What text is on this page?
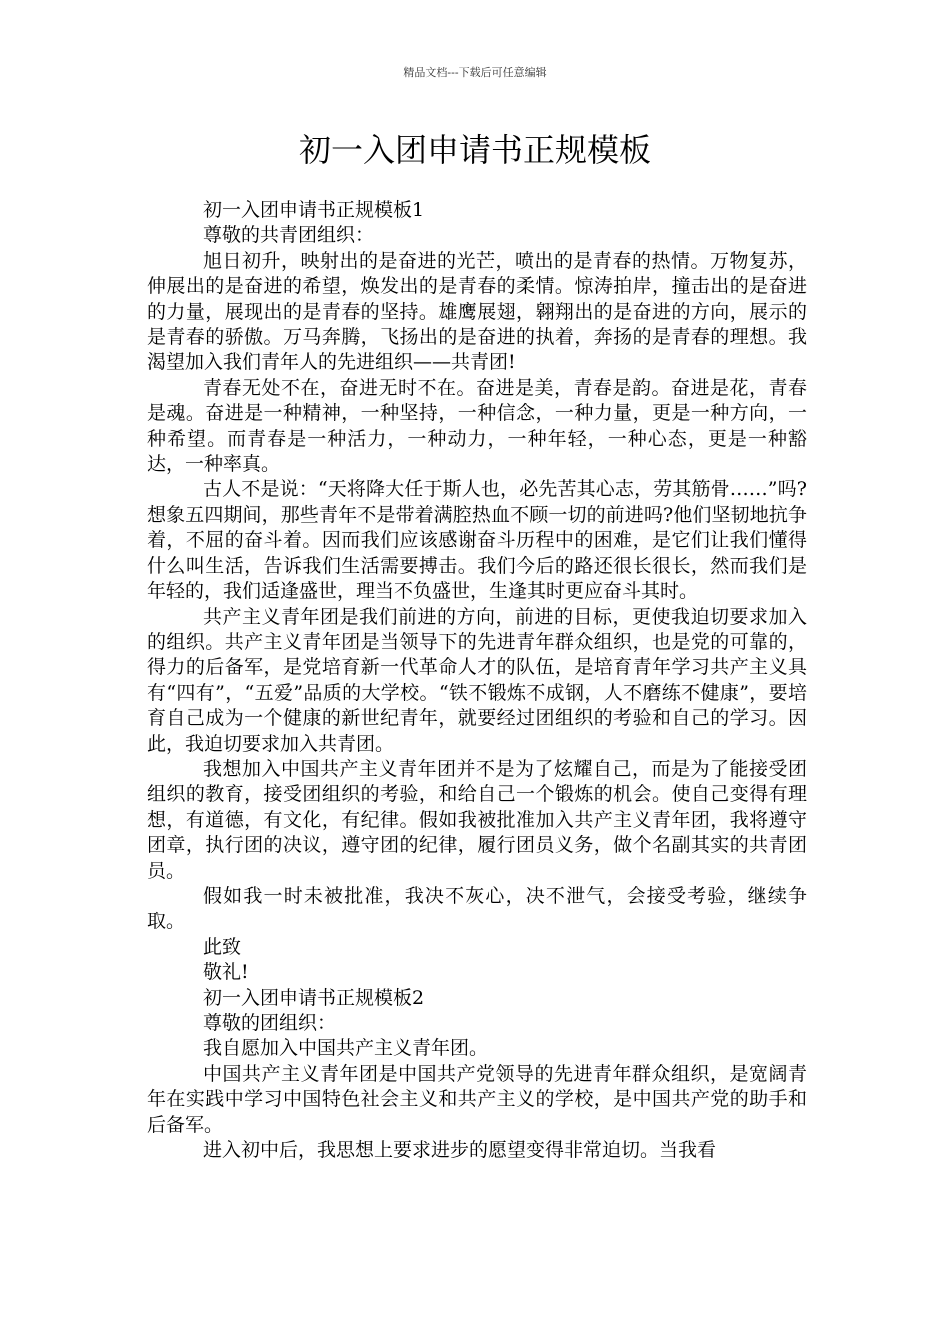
精品文档---下载后可任意编辑
初一入团申请书正规模板

初一入团申请书正规模板1

尊敬的共青团组织：

旭日初升，映射出的是奋进的光芒，喷出的是青春的热情。万物复苏，伸展出的是奋进的希望，焕发出的是青春的柔情。惊涛拍岸，撞击出的是奋进的力量，展现出的是青春的坚持。雄鹰展翅，翱翔出的是奋进的方向，展示的是青春的骄傲。万马奔腾，飞扬出的是奋进的执着，奔扬的是青春的理想。我渴望加入我们青年人的先进组织——共青团!

青春无处不在，奋进无时不在。奋进是美，青春是韵。奋进是花，青春是魂。奋进是一种精神，一种坚持，一种信念，一种力量，更是一种方向，一种希望。而青春是一种活力，一种动力，一种年轻，一种心态，更是一种豁达，一种率真。

古人不是说：“天将降大任于斯人也，必先苦其心志，劳其筋骨……”吗?想象五四期间，那些青年不是带着满腔热血不顾一切的前进吗?他们坚韧地抗争着，不屈的奋斗着。因而我们应该感谢奋斗历程中的困难，是它们让我们懂得什么叫生活，告诉我们生活需要搏击。我们今后的路还很长很长，然而我们是年轻的，我们适逢盛世，理当不负盛世，生逢其时更应奋斗其时。

共产主义青年团是我们前进的方向，前进的目标，更使我迫切要求加入的组织。共产主义青年团是当领导下的先进青年群众组织，也是党的可靠的，得力的后备军，是党培育新一代革命人才的队伍，是培育青年学习共产主义具有“四有”，“五爱”品质的大学校。“铁不锻炼不成钢，人不磨练不健康”，要培育自己成为一个健康的新世纪青年，就要经过团组织的考验和自己的学习。因此，我迫切要求加入共青团。

我想加入中国共产主义青年团并不是为了炫耀自己，而是为了能接受团组织的教育，接受团组织的考验，和给自己一个锻炼的机会。使自己变得有理想，有道德，有文化，有纪律。假如我被批准加入共产主义青年团，我将遵守团章，执行团的决议，遵守团的纪律，履行团员义务，做个名副其实的共青团员。

假如我一时未被批准，我决不灰心，决不泄气，会接受考验，继续争取。

此致

敬礼!

初一入团申请书正规模板2

尊敬的团组织：

我自愿加入中国共产主义青年团。

中国共产主义青年团是中国共产党领导的先进青年群众组织，是宽阔青年在实践中学习中国特色社会主义和共产主义的学校，是中国共产党的助手和后备军。

进入初中后，我思想上要求进步的愿望变得非常迫切。当我看
